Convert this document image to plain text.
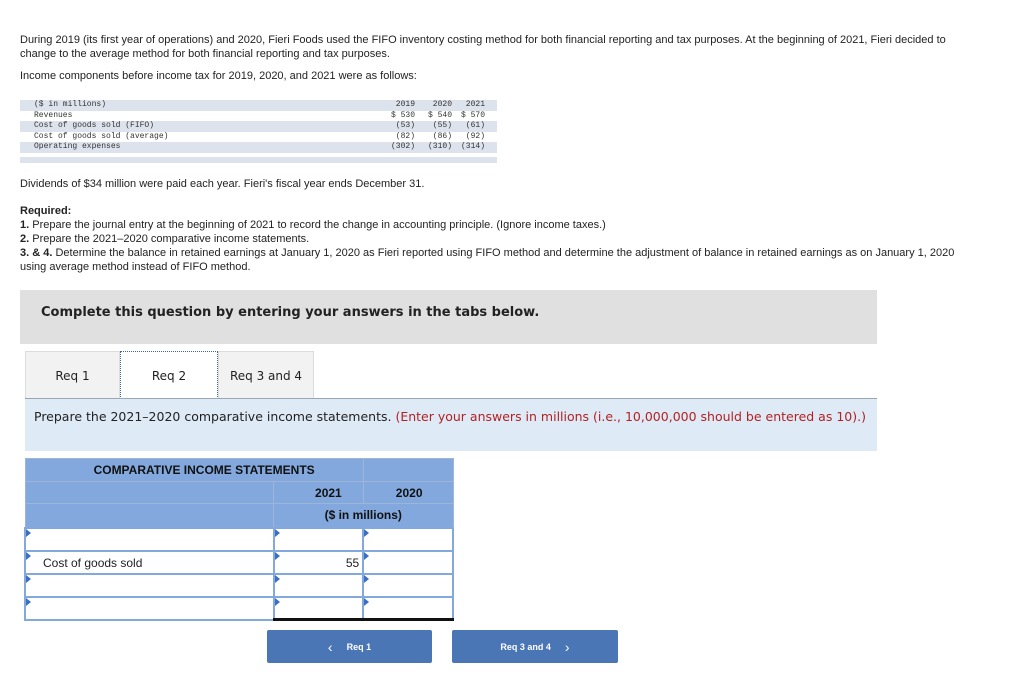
During 2019 (its first year of operations) and 2020, Fieri Foods used the FIFO inventory costing method for both financial reporting and tax purposes. At the beginning of 2021, Fieri decided to change to the average method for both financial reporting and tax purposes.
Income components before income tax for 2019, 2020, and 2021 were as follows:
($ in millions)	2019	2020	2021
Revenues	$ 530	$ 540	$ 570
Cost of goods sold (FIFO)	(53)	(55)	(61)
Cost of goods sold (average)	(82)	(86)	(92)
Operating expenses	(302)	(310)	(314)
Dividends of $34 million were paid each year. Fieri's fiscal year ends December 31.
Required:
1. Prepare the journal entry at the beginning of 2021 to record the change in accounting principle. (Ignore income taxes.)
2. Prepare the 2021–2020 comparative income statements.
3. & 4. Determine the balance in retained earnings at January 1, 2020 as Fieri reported using FIFO method and determine the adjustment of balance in retained earnings as on January 1, 2020 using average method instead of FIFO method.
Complete this question by entering your answers in the tabs below.
Req 1	Req 2	Req 3 and 4
Prepare the 2021–2020 comparative income statements. (Enter your answers in millions (i.e., 10,000,000 should be entered as 10).)
COMPARATIVE INCOME STATEMENTS		
	2021	2020
	($ in millions)	

Cost of goods sold	55	

‹ Req 1	Req 3 and 4 ›
